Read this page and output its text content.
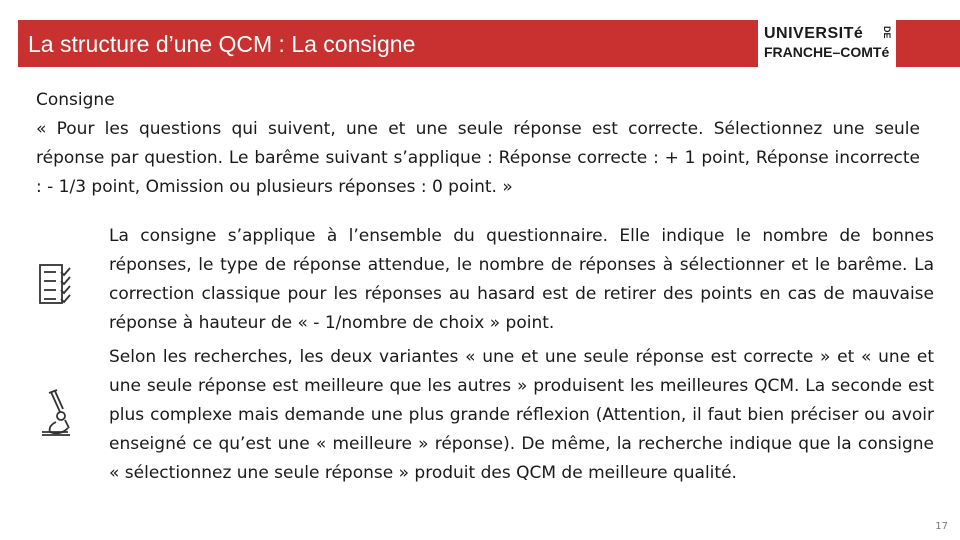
La structure d’une QCM : La consigne	UNIVERSITé
FRANCHE–COMTé
DE

Consigne

« Pour les questions qui suivent, une et une seule réponse est correcte. Sélectionnez une seule réponse par question. Le barême suivant s’applique : Réponse correcte : + 1 point, Réponse incorrecte : - 1/3 point, Omission ou plusieurs réponses : 0 point. »

La consigne s’applique à l’ensemble du questionnaire. Elle indique le nombre de bonnes réponses, le type de réponse attendue, le nombre de réponses à sélectionner et le barême. La correction classique pour les réponses au hasard est de retirer des points en cas de mauvaise réponse à hauteur de « - 1/nombre de choix » point.

Selon les recherches, les deux variantes « une et une seule réponse est correcte » et « une et une seule réponse est meilleure que les autres » produisent les meilleures QCM. La seconde est plus complexe mais demande une plus grande réflexion (Attention, il faut bien préciser ou avoir enseigné ce qu’est une « meilleure » réponse). De même, la recherche indique que la consigne « sélectionnez une seule réponse » produit des QCM de meilleure qualité.

17
